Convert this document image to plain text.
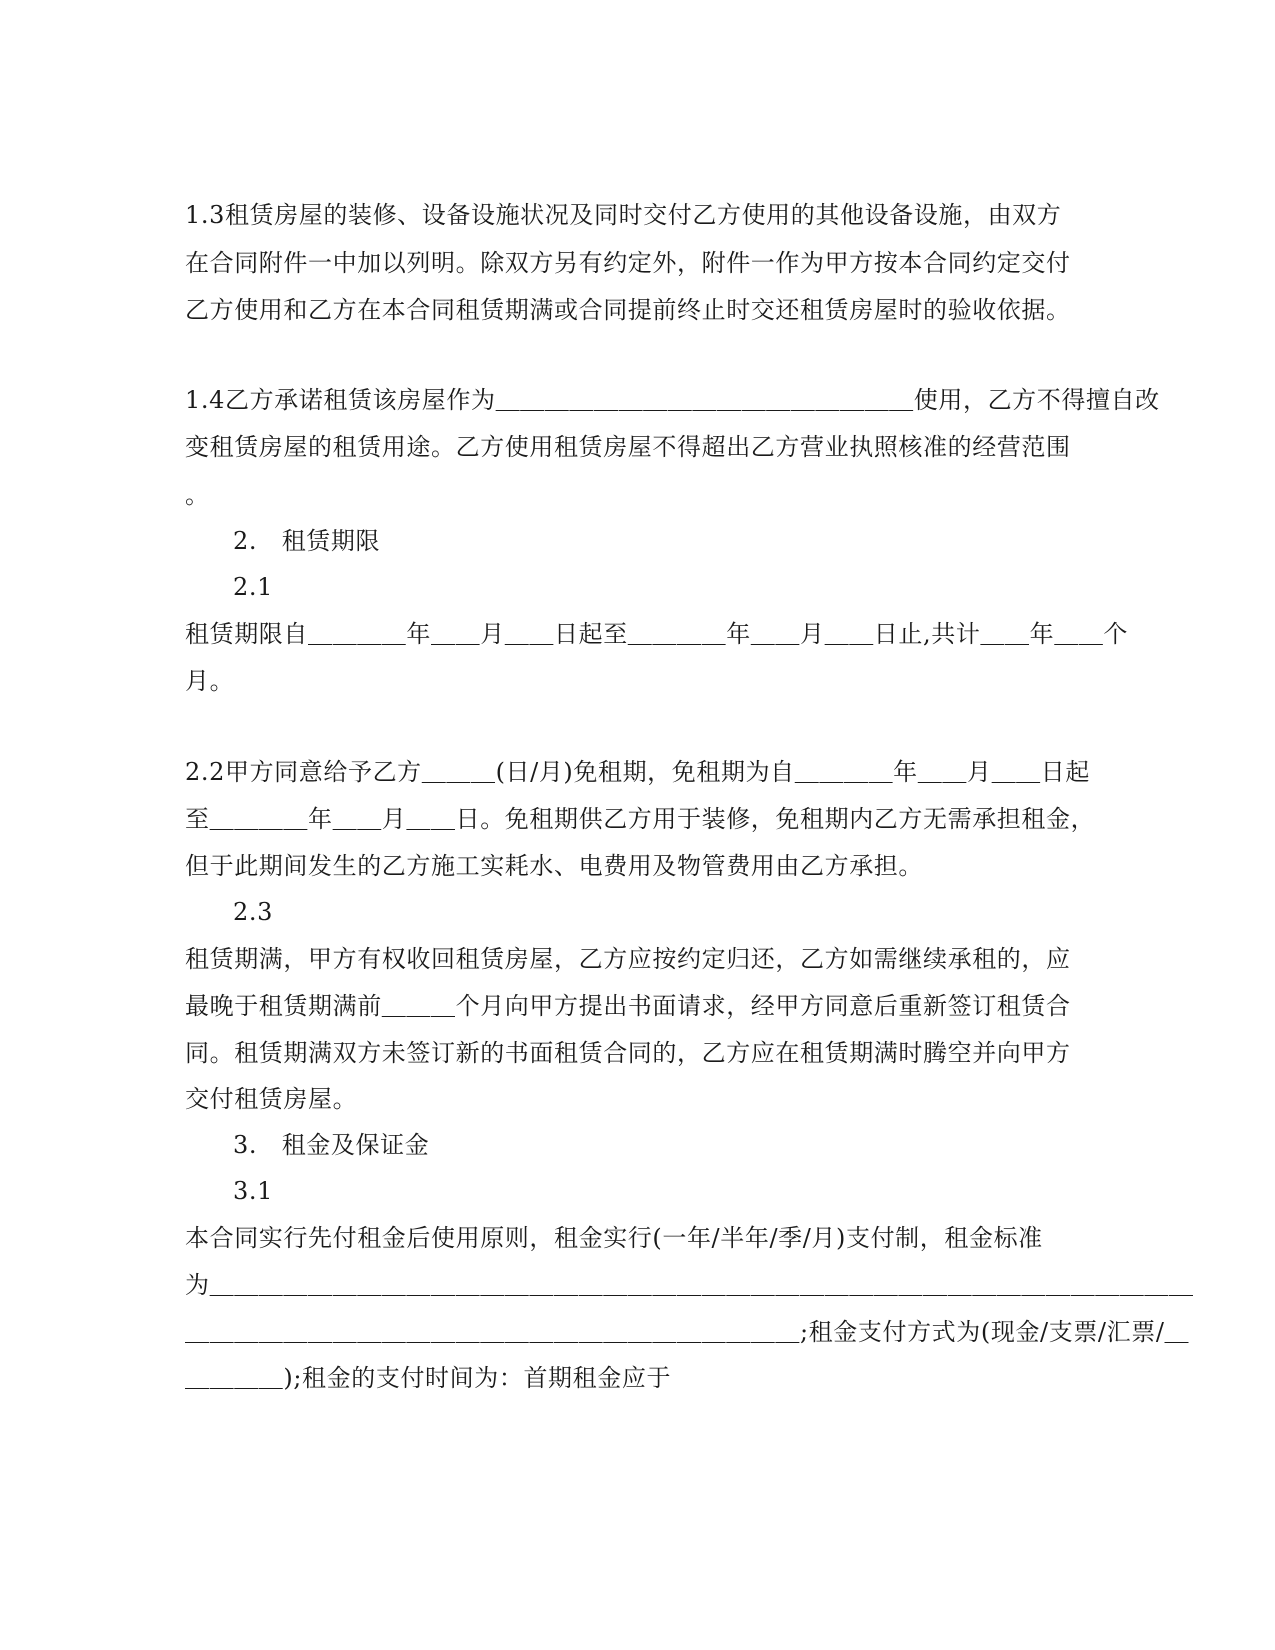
1.3租赁房屋的装修、设备设施状况及同时交付乙方使用的其他设备设施，由双方
在合同附件一中加以列明。除双方另有约定外，附件一作为甲方按本合同约定交付
乙方使用和乙方在本合同租赁期满或合同提前终止时交还租赁房屋时的验收依据。
1.4乙方承诺租赁该房屋作为＿＿＿＿＿＿＿＿＿＿＿＿＿＿＿＿＿使用，乙方不得擅自改
变租赁房屋的租赁用途。乙方使用租赁房屋不得超出乙方营业执照核准的经营范围
。
2.　租赁期限
2.1
租赁期限自＿＿＿＿年＿＿月＿＿日起至＿＿＿＿年＿＿月＿＿日止,共计＿＿年＿＿个
月。
2.2甲方同意给予乙方＿＿＿(日/月)免租期，免租期为自＿＿＿＿年＿＿月＿＿日起
至＿＿＿＿年＿＿月＿＿日。免租期供乙方用于装修，免租期内乙方无需承担租金，
但于此期间发生的乙方施工实耗水、电费用及物管费用由乙方承担。
2.3
租赁期满，甲方有权收回租赁房屋，乙方应按约定归还，乙方如需继续承租的，应
最晚于租赁期满前＿＿＿个月向甲方提出书面请求，经甲方同意后重新签订租赁合
同。租赁期满双方未签订新的书面租赁合同的，乙方应在租赁期满时腾空并向甲方
交付租赁房屋。
3.　租金及保证金
3.1
本合同实行先付租金后使用原则，租金实行(一年/半年/季/月)支付制，租金标准
为＿＿＿＿＿＿＿＿＿＿＿＿＿＿＿＿＿＿＿＿＿＿＿＿＿＿＿＿＿＿＿＿＿＿＿＿＿＿＿＿
＿＿＿＿＿＿＿＿＿＿＿＿＿＿＿＿＿＿＿＿＿＿＿＿＿;租金支付方式为(现金/支票/汇票/＿
＿＿＿＿);租金的支付时间为：首期租金应于
